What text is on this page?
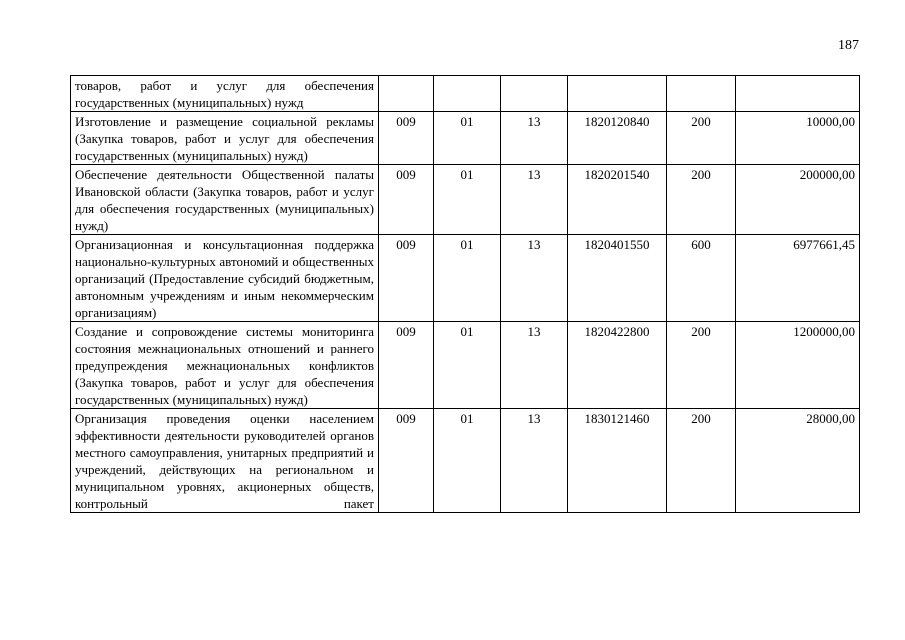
187
товаров, работ и услуг для обеспечения государственных (муниципальных) нужд						
Изготовление и размещение социальной рекламы (Закупка товаров, работ и услуг для обеспечения государственных (муниципальных) нужд)	009	01	13	1820120840	200	10000,00
Обеспечение деятельности Общественной палаты Ивановской области (Закупка товаров, работ и услуг для обеспечения государственных (муниципальных) нужд)	009	01	13	1820201540	200	200000,00
Организационная и консультационная поддержка национально-культурных автономий и общественных организаций (Предоставление субсидий бюджетным, автономным учреждениям и иным некоммерческим организациям)	009	01	13	1820401550	600	6977661,45
Создание и сопровождение системы мониторинга состояния межнациональных отношений и раннего предупреждения межнациональных конфликтов (Закупка товаров, работ и услуг для обеспечения государственных (муниципальных) нужд)	009	01	13	1820422800	200	1200000,00
Организация проведения оценки населением эффективности деятельности руководителей органов местного самоуправления, унитарных предприятий и учреждений, действующих на региональном и муниципальном уровнях, акционерных обществ, контрольный пакет	009	01	13	1830121460	200	28000,00
